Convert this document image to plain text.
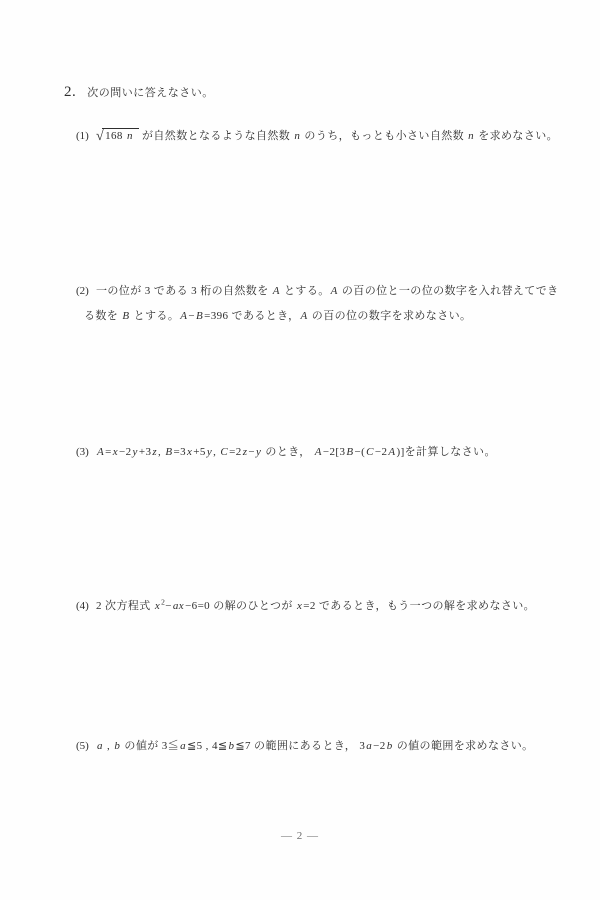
2. 次の問いに答えなさい。
(1) √168 n が自然数となるような自然数 n のうち，もっとも小さい自然数 n を求めなさい。
(2) 一の位が 3 である 3 桁の自然数を A とする。A の百の位と一の位の数字を入れ替えてでき
る数を B とする。A−B=396 であるとき，A の百の位の数字を求めなさい。
(3) A=x−2y+3z, B=3x+5y, C=2z−y のとき， A−2[3B−(C−2A)]を計算しなさい。
(4) 2 次方程式 $x^2-ax-6=0$ の解のひとつが x=2 であるとき，もう一つの解を求めなさい。
(5) a , b の値が 3≦a≦5 , 4≦b≦7 の範囲にあるとき， 3a−2b の値の範囲を求めなさい。
— 2 —
